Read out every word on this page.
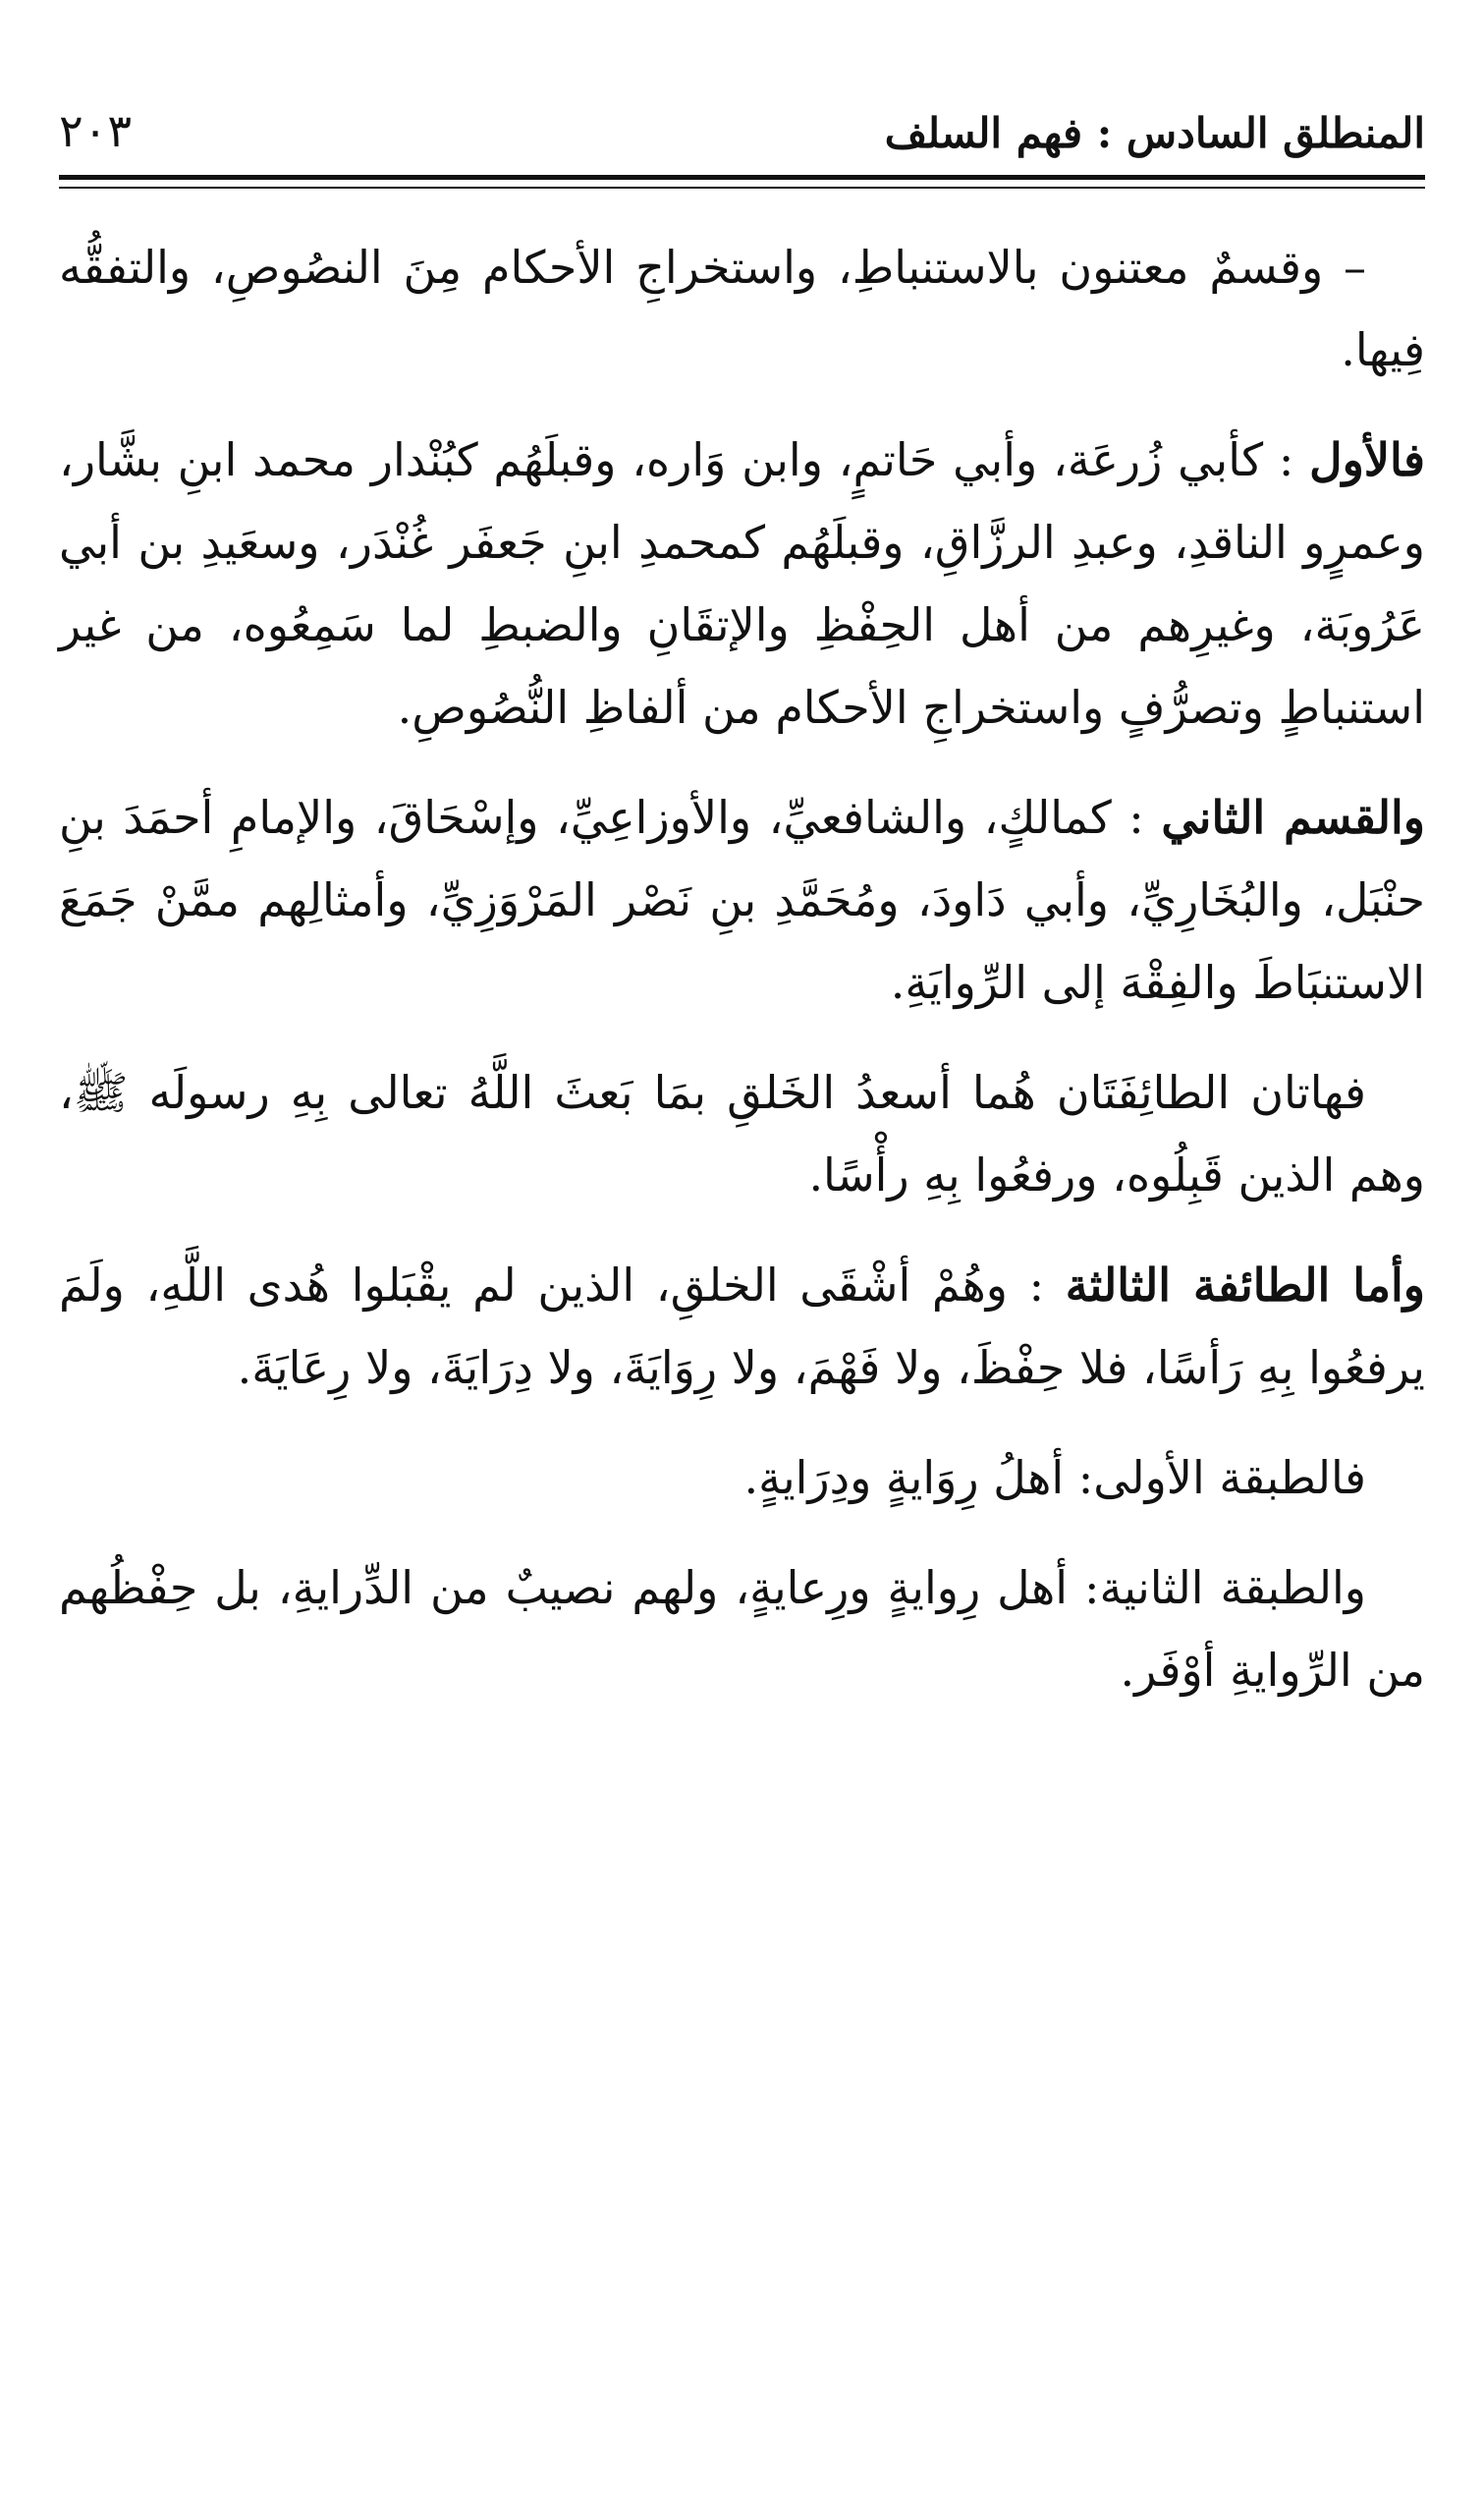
المنطلق السادس : فهم السلف
٢٠٣

– وقسمٌ معتنون بالاستنباطِ، واستخراجِ الأحكام مِنَ النصُوصِ، والتفقُّه فِيها.

فالأول : كأبي زُرعَة، وأبي حَاتمٍ، وابن وَاره، وقبلَهُم كبُنْدار محمد ابنِ بشَّار، وعمرٍو الناقدِ، وعبدِ الرزَّاقِ، وقبلَهُم كمحمدِ ابنِ جَعفَر غُنْدَر، وسعَيدِ بن أبي عَرُوبَة، وغيرِهم من أهل الحِفْظِ والإتقَانِ والضبطِ لما سَمِعُوه، من غير استنباطٍ وتصرُّفٍ واستخراجِ الأحكام من ألفاظِ النُّصُوصِ.

والقسم الثاني : كمالكٍ، والشافعيِّ، والأوزاعِيِّ، وإسْحَاقَ، والإمامِ أحمَدَ بنِ حنْبَل، والبُخَارِيِّ، وأبي دَاودَ، ومُحَمَّدِ بنِ نَصْر المَرْوَزِيِّ، وأمثالِهم ممَّنْ جَمَعَ الاستنبَاطَ والفِقْهَ إلى الرِّوايَةِ.

فهاتان الطائِفَتَان هُما أسعدُ الخَلقِ بمَا بَعثَ اللَّهُ تعالى بِهِ رسولَه ﷺ، وهم الذين قَبِلُوه، ورفعُوا بِهِ رأْسًا.

وأما الطائفة الثالثة : وهُمْ أشْقَى الخلقِ، الذين لم يقْبَلوا هُدى اللَّهِ، ولَمَ يرفعُوا بِهِ رَأسًا، فلا حِفْظَ، ولا فَهْمَ، ولا رِوَايَةَ، ولا دِرَايَةَ، ولا رِعَايَةَ.

فالطبقة الأولى: أهلُ رِوَايةٍ ودِرَايةٍ.

والطبقة الثانية: أهل رِوايةٍ ورِعايةٍ، ولهم نصيبٌ من الدِّرايةِ، بل حِفْظُهم من الرِّوايةِ أوْفَر.
